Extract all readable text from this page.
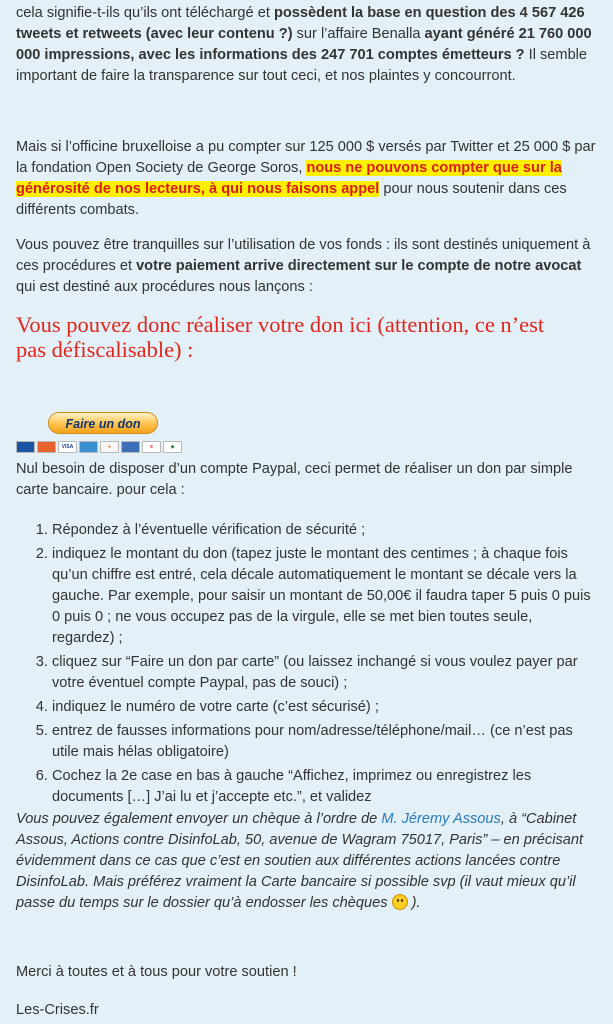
cela signifie-t-ils qu’ils ont téléchargé et possèdent la base en question des 4 567 426 tweets et retweets (avec leur contenu ?) sur l’affaire Benalla ayant généré 21 760 000 000 impressions, avec les informations des 247 701 comptes émetteurs ? Il semble important de faire la transparence sur tout ceci, et nos plaintes y concourront.

Mais si l’officine bruxelloise a pu compter sur 125 000 $ versés par Twitter et 25 000 $ par la fondation Open Society de George Soros, nous ne pouvons compter que sur la générosité de nos lecteurs, à qui nous faisons appel pour nous soutenir dans ces différents combats.

Vous pouvez être tranquilles sur l’utilisation de vos fonds : ils sont destinés uniquement à ces procédures et votre paiement arrive directement sur le compte de notre avocat qui est destiné aux procédures nous lançons :

Vous pouvez donc réaliser votre don ici (attention, ce n’est pas défiscalisable) :
Faire un don
VISA	●	e	◆

Nul besoin de disposer d’un compte Paypal, ceci permet de réaliser un don par simple carte bancaire. pour cela :

1. Répondez à l’éventuelle vérification de sécurité ;
2. indiquez le montant du don (tapez juste le montant des centimes ; à chaque fois qu’un chiffre est entré, cela décale automatiquement le montant se décale vers la gauche. Par exemple, pour saisir un montant de 50,00€ il faudra taper 5 puis 0 puis 0 puis 0 ; ne vous occupez pas de la virgule, elle se met bien toutes seule, regardez) ;
3. cliquez sur “Faire un don par carte” (ou laissez inchangé si vous voulez payer par votre éventuel compte Paypal, pas de souci) ;
4. indiquez le numéro de votre carte (c’est sécurisé) ;
5. entrez de fausses informations pour nom/adresse/téléphone/mail… (ce n’est pas utile mais hélas obligatoire)
6. Cochez la 2e case en bas à gauche “Affichez, imprimez ou enregistrez les documents […] J’ai lu et j’accepte etc.”, et validez

Vous pouvez également envoyer un chèque à l’ordre de M. Jéremy Assous, à “Cabinet Assous, Actions contre DisinfoLab, 50, avenue de Wagram 75017, Paris” – en précisant évidemment dans ce cas que c’est en soutien aux différentes actions lancées contre DisinfoLab. Mais préférez vraiment la Carte bancaire si possible svp (il vaut mieux qu’il passe du temps sur le dossier qu’à endosser les chèques  ).

Merci à toutes et à tous pour votre soutien !

Les-Crises.fr
